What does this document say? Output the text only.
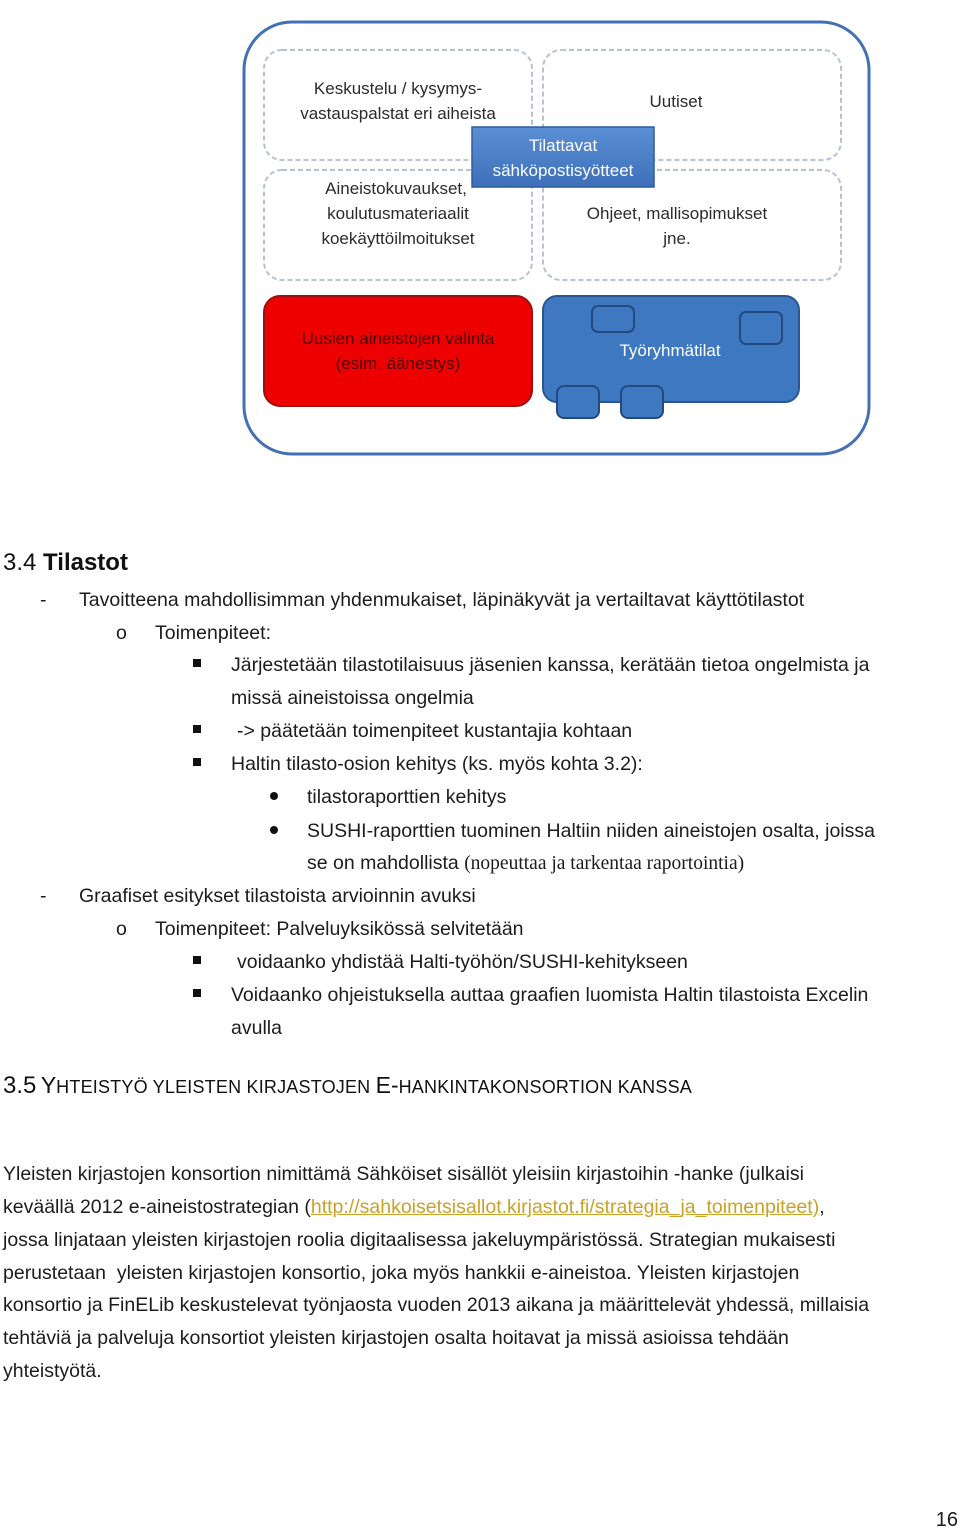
Keskustelu / kysymys-
vastauspalstat eri aiheista
Uutiset
Aineistokuvaukset,
koulutusmateriaalit
koekäyttöilmoitukset
Ohjeet, mallisopimukset
jne.
Tilattavat
sähköpostisyötteet
Uusien aineistojen valinta
(esim. äänestys)
Työryhmätilat
3.4 Tilastot
- Tavoitteena mahdollisimman yhdenmukaiset, läpinäkyvät ja vertailtavat käyttötilastot
o Toimenpiteet:
Järjestetään tilastotilaisuus jäsenien kanssa, kerätään tietoa ongelmista ja
missä aineistoissa ongelmia
-> päätetään toimenpiteet kustantajia kohtaan
Haltin tilasto-osion kehitys (ks. myös kohta 3.2):
tilastoraporttien kehitys
SUSHI-raporttien tuominen Haltiin niiden aineistojen osalta, joissa
se on mahdollista (nopeuttaa ja tarkentaa raportointia)
- Graafiset esitykset tilastoista arvioinnin avuksi
o Toimenpiteet: Palveluyksikössä selvitetään
voidaanko yhdistää Halti-työhön/SUSHI-kehitykseen
Voidaanko ohjeistuksella auttaa graafien luomista Haltin tilastoista Excelin
avulla
3.5 YHTEISTYÖ YLEISTEN KIRJASTOJEN E-HANKINTAKONSORTION KANSSA
Yleisten kirjastojen konsortion nimittämä Sähköiset sisällöt yleisiin kirjastoihin -hanke (julkaisi
keväällä 2012 e-aineistostrategian (http://sahkoisetsisallot.kirjastot.fi/strategia_ja_toimenpiteet),
jossa linjataan yleisten kirjastojen roolia digitaalisessa jakeluympäristössä. Strategian mukaisesti
perustetaan  yleisten kirjastojen konsortio, joka myös hankkii e-aineistoa. Yleisten kirjastojen
konsortio ja FinELib keskustelevat työnjaosta vuoden 2013 aikana ja määrittelevät yhdessä, millaisia
tehtäviä ja palveluja konsortiot yleisten kirjastojen osalta hoitavat ja missä asioissa tehdään
yhteistyötä.
16
